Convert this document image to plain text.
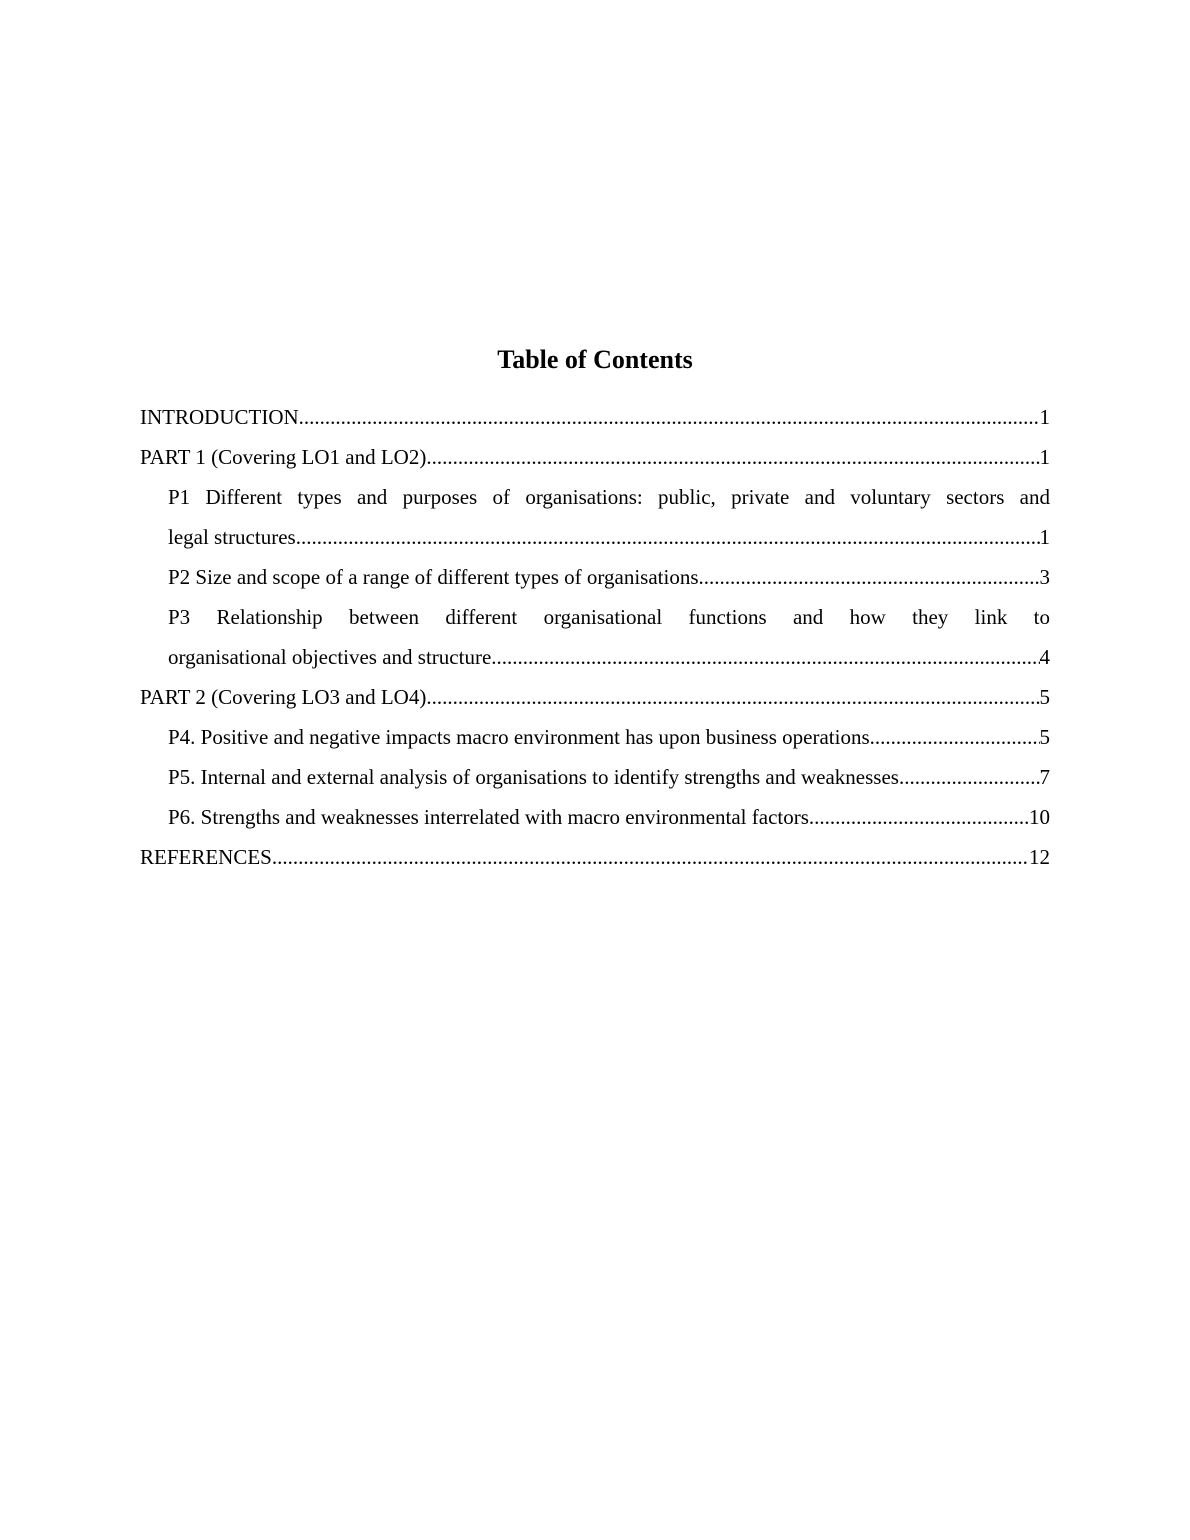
Table of Contents
INTRODUCTION .....	1
PART 1 (Covering LO1 and LO2) .....	1
P1 Different types and purposes of organisations: public, private and voluntary sectors and
legal structures .....	1
P2 Size and scope of a range of different types of organisations .....	3
P3 Relationship between different organisational functions and how they link to
organisational objectives and structure .....	4
PART 2 (Covering LO3 and LO4) .....	5
P4. Positive and negative impacts macro environment has upon business operations .....	5
P5. Internal and external analysis of organisations to identify strengths and weaknesses .....	7
P6. Strengths and weaknesses interrelated with macro environmental factors .....	10
REFERENCES .....	12
